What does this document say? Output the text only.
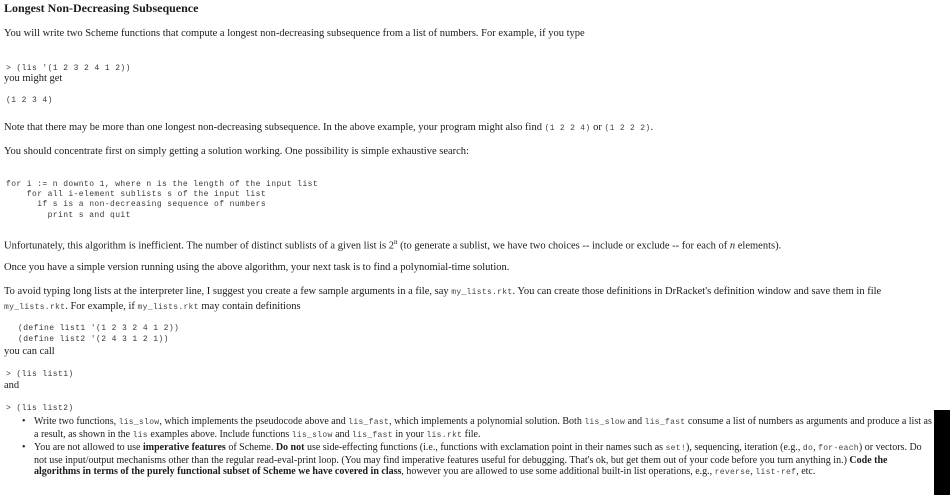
Longest Non-Decreasing Subsequence
You will write two Scheme functions that compute a longest non-decreasing subsequence from a list of numbers. For example, if you type
> (lis '(1 2 3 2 4 1 2))
you might get
(1 2 3 4)
Note that there may be more than one longest non-decreasing subsequence. In the above example, your program might also find (1 2 2 4) or (1 2 2 2).
You should concentrate first on simply getting a solution working. One possibility is simple exhaustive search:
for i := n downto 1, where n is the length of the input list
for all i-element sublists s of the input list
if s is a non-decreasing sequence of numbers
print s and quit
Unfortunately, this algorithm is inefficient. The number of distinct sublists of a given list is 2$^n$ (to generate a sublist, we have two choices -- include or exclude -- for each of n elements).
Once you have a simple version running using the above algorithm, your next task is to find a polynomial-time solution.
To avoid typing long lists at the interpreter line, I suggest you create a few sample arguments in a file, say my_lists.rkt. You can create those definitions in DrRacket's definition window and save them in file
my_lists.rkt. For example, if my_lists.rkt may contain definitions
(define list1 '(1 2 3 2 4 1 2))
(define list2 '(2 4 3 1 2 1))
you can call
> (lis list1)
and
> (lis list2)
• Write two functions, lis_slow, which implements the pseudocode above and lis_fast, which implements a polynomial solution. Both lis_slow and lis_fast consume a list of numbers as arguments and produce a list as a result, as shown in the lis examples above. Include functions lis_slow and lis_fast in your lis.rkt file.
• You are not allowed to use imperative features of Scheme. Do not use side-effecting functions (i.e., functions with exclamation point in their names such as set!), sequencing, iteration (e.g., do, for-each) or vectors. Do not use input/output mechanisms other than the regular read-eval-print loop. (You may find imperative features useful for debugging. That's ok, but get them out of your code before you turn anything in.) Code the algorithms in terms of the purely functional subset of Scheme we have covered in class, however you are allowed to use some additional built-in list operations, e.g., reverse, list-ref, etc.
